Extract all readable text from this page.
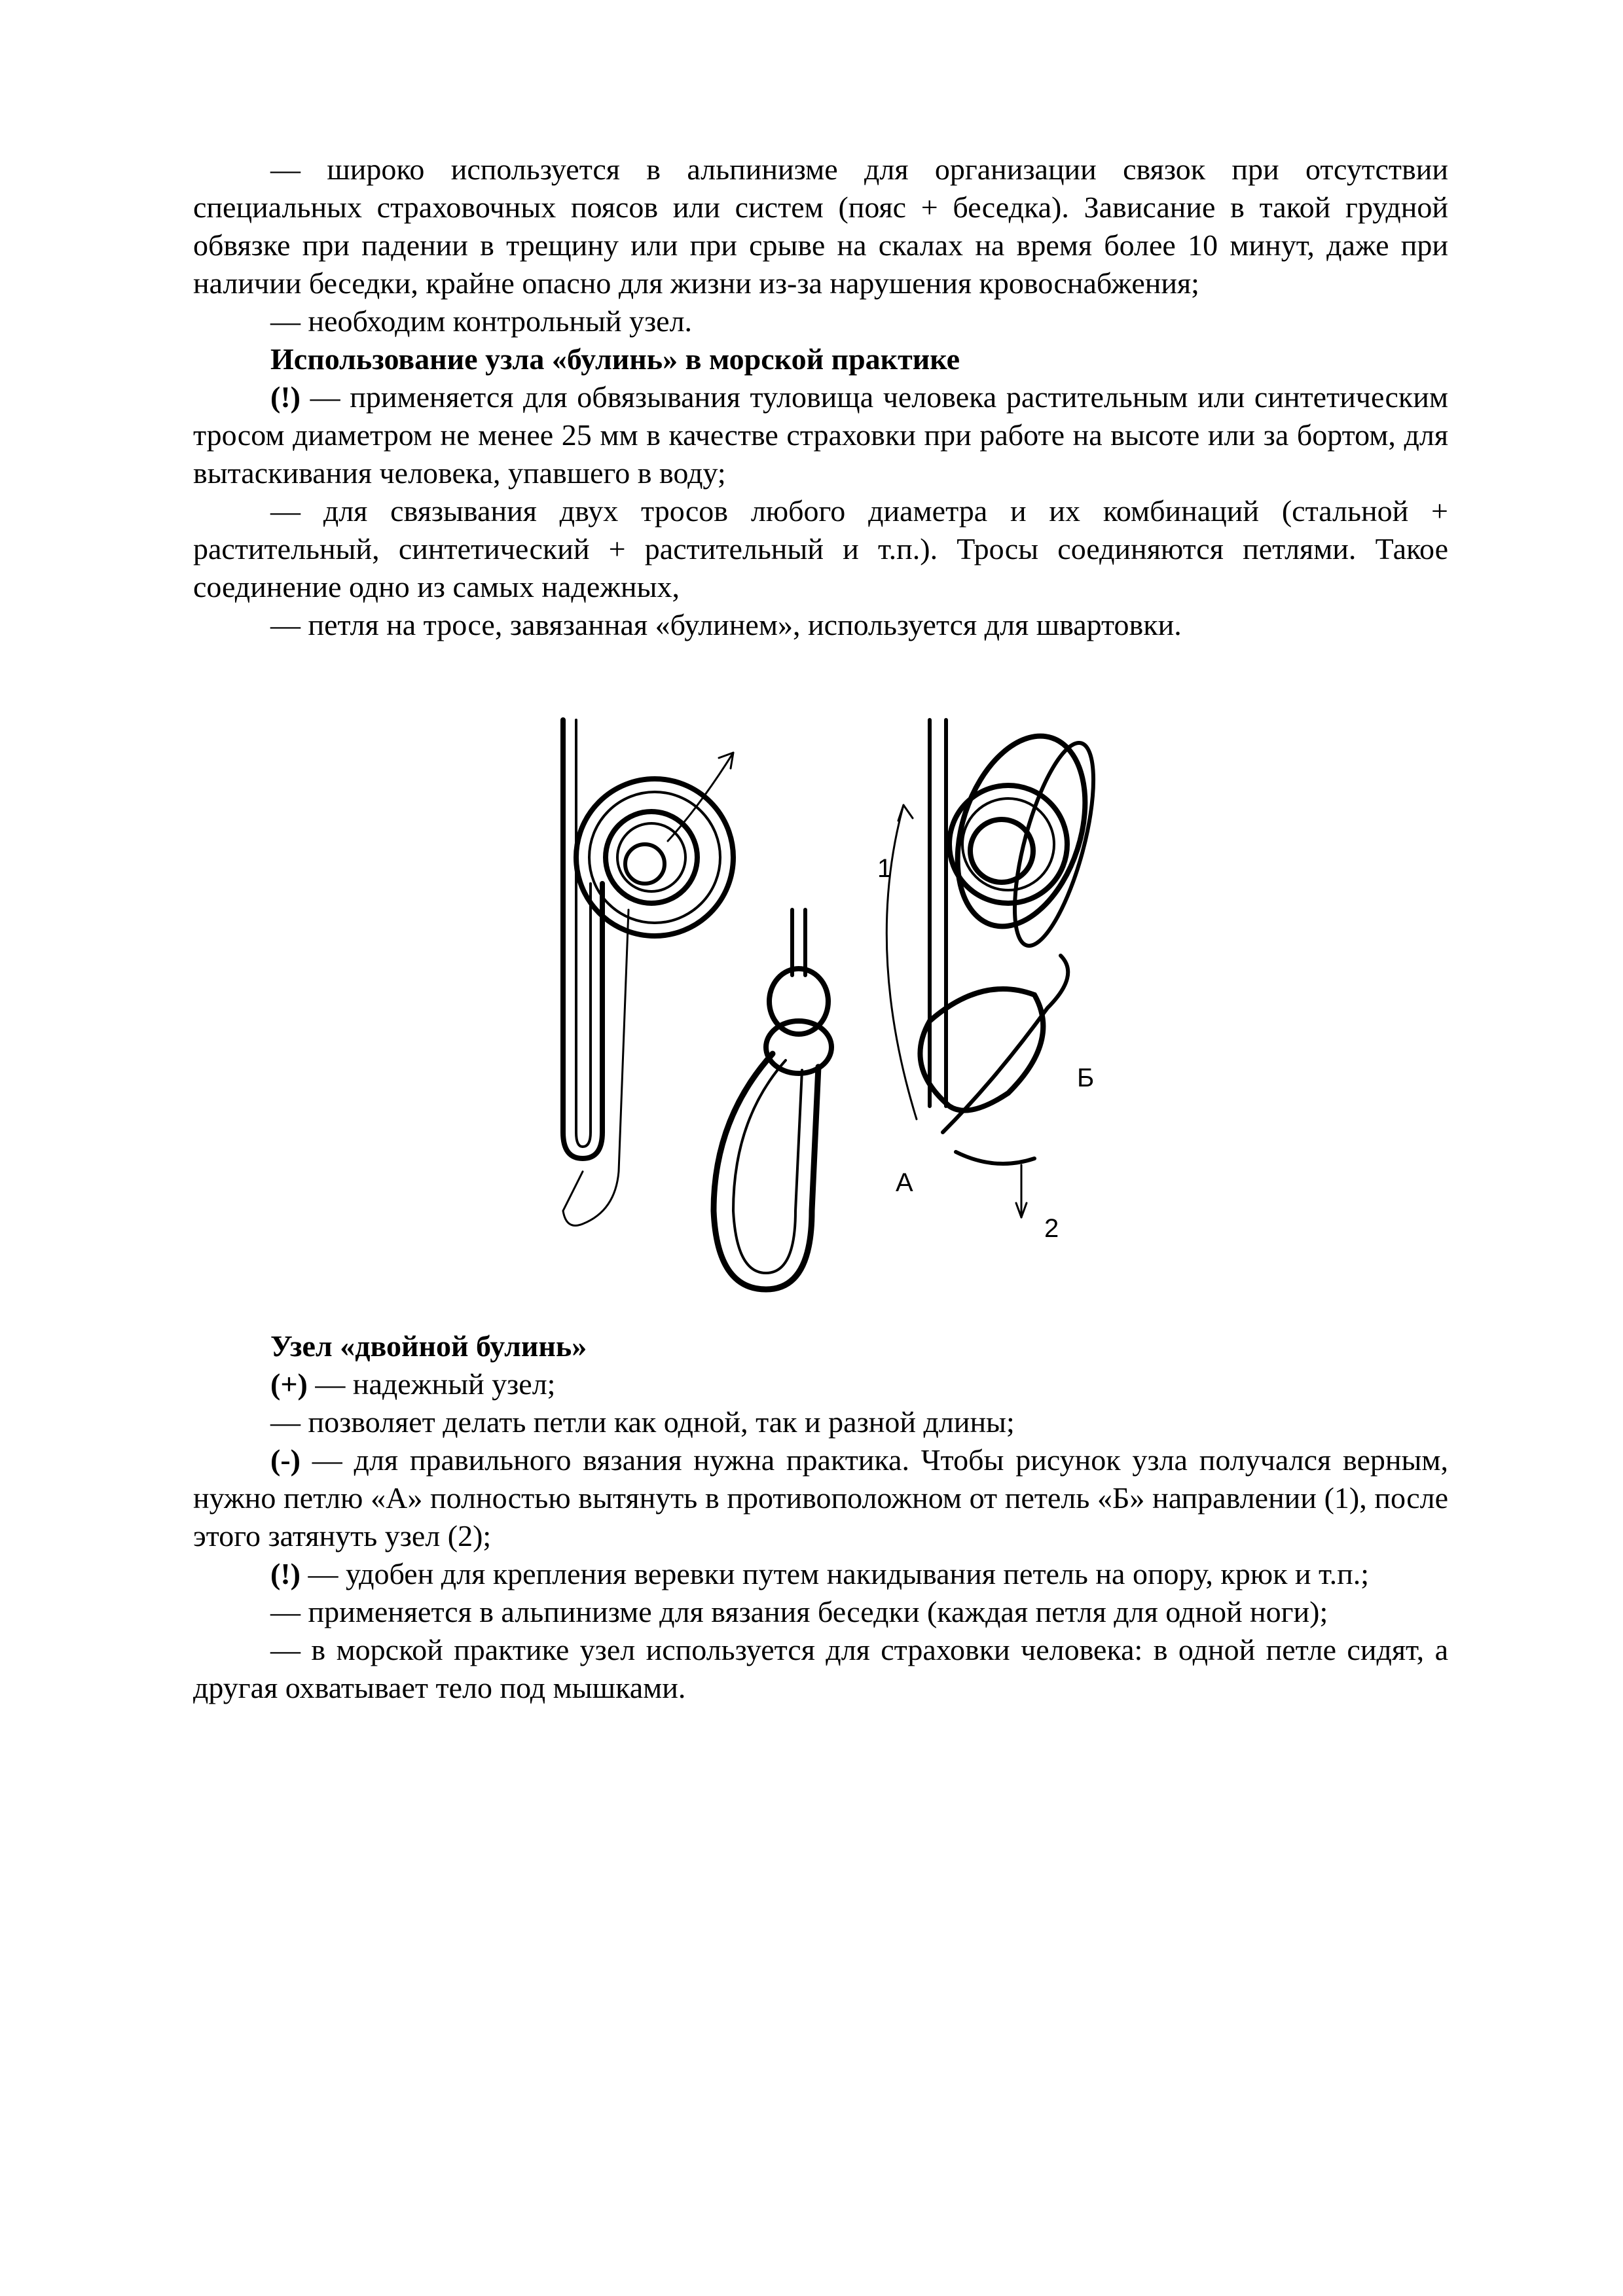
— широко используется в альпинизме для организации связок при отсутствии специальных страховочных поясов или систем (пояс + беседка). Зависание в такой грудной обвязке при падении в трещину или при срыве на скалах на время более 10 минут, даже при наличии беседки, крайне опасно для жизни из-за нарушения кровоснабжения;

— необходим контрольный узел.

Использование узла «булинь» в морской практике

(!) — применяется для обвязывания туловища человека растительным или синтетическим тросом диаметром не менее 25 мм в качестве страховки при работе на высоте или за бортом, для вытаскивания человека, упавшего в воду;

— для связывания двух тросов любого диаметра и их комбинаций (стальной + растительный, синтетический + растительный и т.п.). Тросы соединяются петлями. Такое соединение одно из самых надежных,

— петля на тросе, завязанная «булинем», используется для швартовки.

1
2
А
Б

Узел «двойной булинь»

(+) — надежный узел;

— позволяет делать петли как одной, так и разной длины;

(-) — для правильного вязания нужна практика. Чтобы рисунок узла получался верным, нужно петлю «А» полностью вытянуть в противоположном от петель «Б» направлении (1), после этого затянуть узел (2);

(!) — удобен для крепления веревки путем накидывания петель на опору, крюк и т.п.;

— применяется в альпинизме для вязания беседки (каждая петля для одной ноги);

— в морской практике узел используется для страховки человека: в одной петле сидят, а другая охватывает тело под мышками.
